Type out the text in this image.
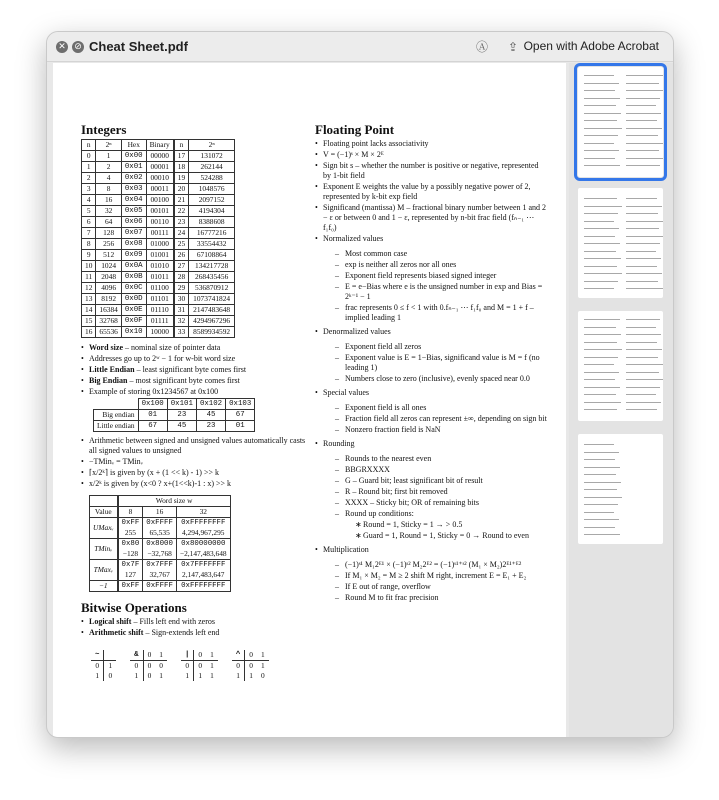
✕ ⊘ Cheat Sheet.pdf	Ⓐ	⇪ Open with Adobe Acrobat
Integers
n	2ⁿ	Hex	Binary	n	2ⁿ
0	1	0x00	00000	17	131072
1	2	0x01	00001	18	262144
2	4	0x02	00010	19	524288
3	8	0x03	00011	20	1048576
4	16	0x04	00100	21	2097152
5	32	0x05	00101	22	4194304
6	64	0x06	00110	23	8388608
7	128	0x07	00111	24	16777216
8	256	0x08	01000	25	33554432
9	512	0x09	01001	26	67108864
10	1024	0x0A	01010	27	134217728
11	2048	0x0B	01011	28	268435456
12	4096	0x0C	01100	29	536870912
13	8192	0x0D	01101	30	1073741824
14	16384	0x0E	01110	31	2147483648
15	32768	0x0F	01111	32	4294967296
16	65536	0x10	10000	33	8589934592
• Word size – nominal size of pointer data
• Addresses go up to 2ʷ − 1 for w-bit word size
• Little Endian – least significant byte comes first
• Big Endian – most significant byte comes first
• Example of storing 0x1234567 at 0x100
	0x100	0x101	0x102	0x103
Big endian	01	23	45	67
Little endian	67	45	23	01
• Arithmetic between signed and unsigned values automatically casts all signed values to unsigned
• −TMinᵥ = TMinᵥ
• ⌈x/2ᵏ⌉ is given by (x + (1 << k) - 1) >> k
• x/2ᵏ is given by (x<0 ? x+(1<<k)-1 : x) >> k
	Word size w		
Value	8	16	32
UMaxᵥ	0xFF	0xFFFF	0xFFFFFFFF
	255	65,535	4,294,967,295
TMinᵥ	0x80	0x8000	0x80000000
	−128	−32,768	−2,147,483,648
TMaxᵥ	0x7F	0x7FFF	0x7FFFFFFF
	127	32,767	2,147,483,647
−1	0xFF	0xFFFF	0xFFFFFFFF
Bitwise Operations
• Logical shift – Fills left end with zeros
• Arithmetic shift – Sign-extends left end
~	
0	1
1	0
&	0	1
0	0	0
1	0	1
|	0	1
0	0	1
1	1	1
^	0	1
0	0	1
1	1	0
Floating Point
• Floating point lacks associativity
• V = (−1)ˢ × M × 2ᴱ
• Sign bit s – whether the number is positive or negative, represented by 1-bit field
• Exponent E weights the value by a possibly negative power of 2, represented by k-bit exp field
• Significand (mantissa) M – fractional binary number between 1 and 2 − ε or between 0 and 1 − ε, represented by n-bit frac field (fₙ₋₁ ⋯ f₁f₀)
• Normalized values
– Most common case
– exp is neither all zeros nor all ones
– Exponent field represents biased signed integer
– E = e−Bias where e is the unsigned number in exp and Bias = 2ᵏ⁻¹ − 1
– frac represents 0 ≤ f < 1 with 0.fₙ₋₁ ⋯ f₁f₀ and M = 1 + f – implied leading 1
• Denormalized values
– Exponent field all zeros
– Exponent value is E = 1−Bias, significand value is M = f (no leading 1)
– Numbers close to zero (inclusive), evenly spaced near 0.0
• Special values
– Exponent field is all ones
– Fraction field all zeros can represent ±∞, depending on sign bit
– Nonzero fraction field is NaN
• Rounding
– Rounds to the nearest even
– BBGRXXXX
– G – Guard bit; least significant bit of result
– R – Round bit; first bit removed
– XXXX – Sticky bit; OR of remaining bits
– Round up conditions:
∗ Round = 1, Sticky = 1 → > 0.5
∗ Guard = 1, Round = 1, Sticky = 0 → Round to even
• Multiplication
– (−1)ˢ¹ M₁2ᴱ¹ × (−1)ˢ² M₂2ᴱ² = (−1)ˢ¹⁺ˢ² (M₁ × M₂)2ᴱ¹⁺ᴱ²
– If M₁ × M₂ = M ≥ 2 shift M right, increment E = E₁ + E₂
– If E out of range, overflow
– Round M to fit frac precision
